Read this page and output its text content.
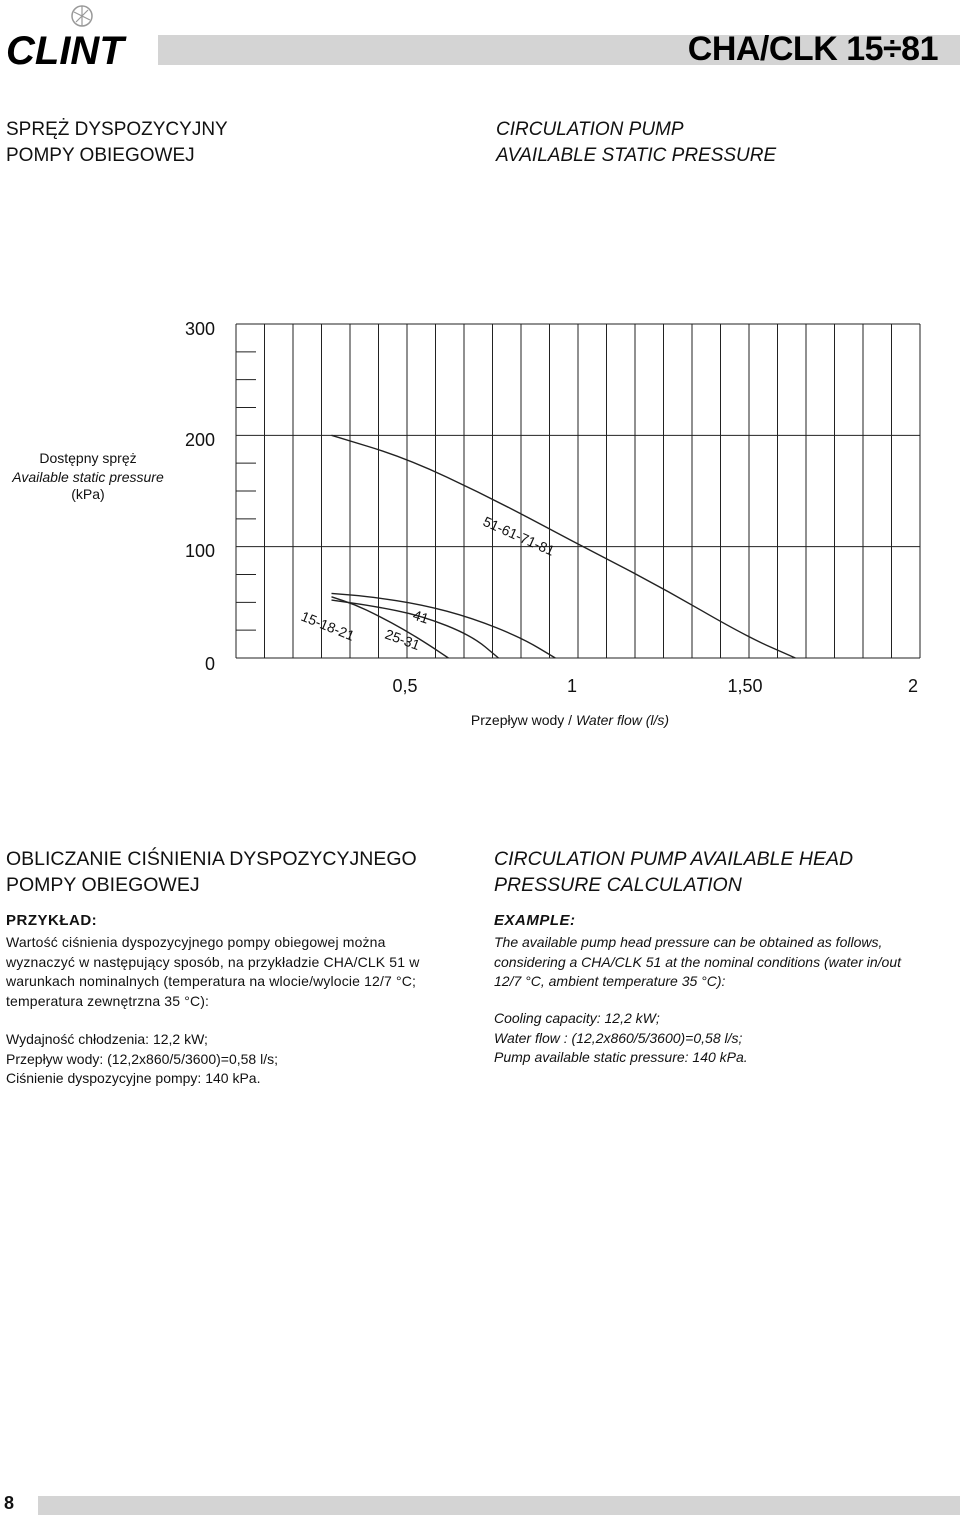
CLINT	CHA/CLK 15÷81
SPRĘŻ DYSPOZYCYJNY
POMPY OBIEGOWEJ
CIRCULATION PUMP
AVAILABLE STATIC PRESSURE
300
200
100
0
Dostępny spręż
Available static pressure
(kPa)
0,5	1	1,50	2
Przepływ wody / Water flow (l/s)
51-61-71-81
15-18-21	41
25-31
OBLICZANIE CIŚNIENIA DYSPOZYCYJNEGO
POMPY OBIEGOWEJ
PRZYKŁAD:
Wartość ciśnienia dyspozycyjnego pompy obiegowej można
wyznaczyć w następujący sposób, na przykładzie CHA/CLK 51 w
warunkach nominalnych (temperatura na wlocie/wylocie 12/7 °C;
temperatura zewnętrzna 35 °C):
Wydajność chłodzenia: 12,2 kW;
Przepływ wody: (12,2x860/5/3600)=0,58 l/s;
Ciśnienie dyspozycyjne pompy: 140 kPa.
CIRCULATION PUMP AVAILABLE HEAD
PRESSURE CALCULATION
EXAMPLE:
The available pump head pressure can be obtained as follows,
considering a CHA/CLK 51 at the nominal conditions (water in/out
12/7 °C, ambient temperature 35 °C):
Cooling capacity: 12,2 kW;
Water flow : (12,2x860/5/3600)=0,58 l/s;
Pump available static pressure: 140 kPa.
8
